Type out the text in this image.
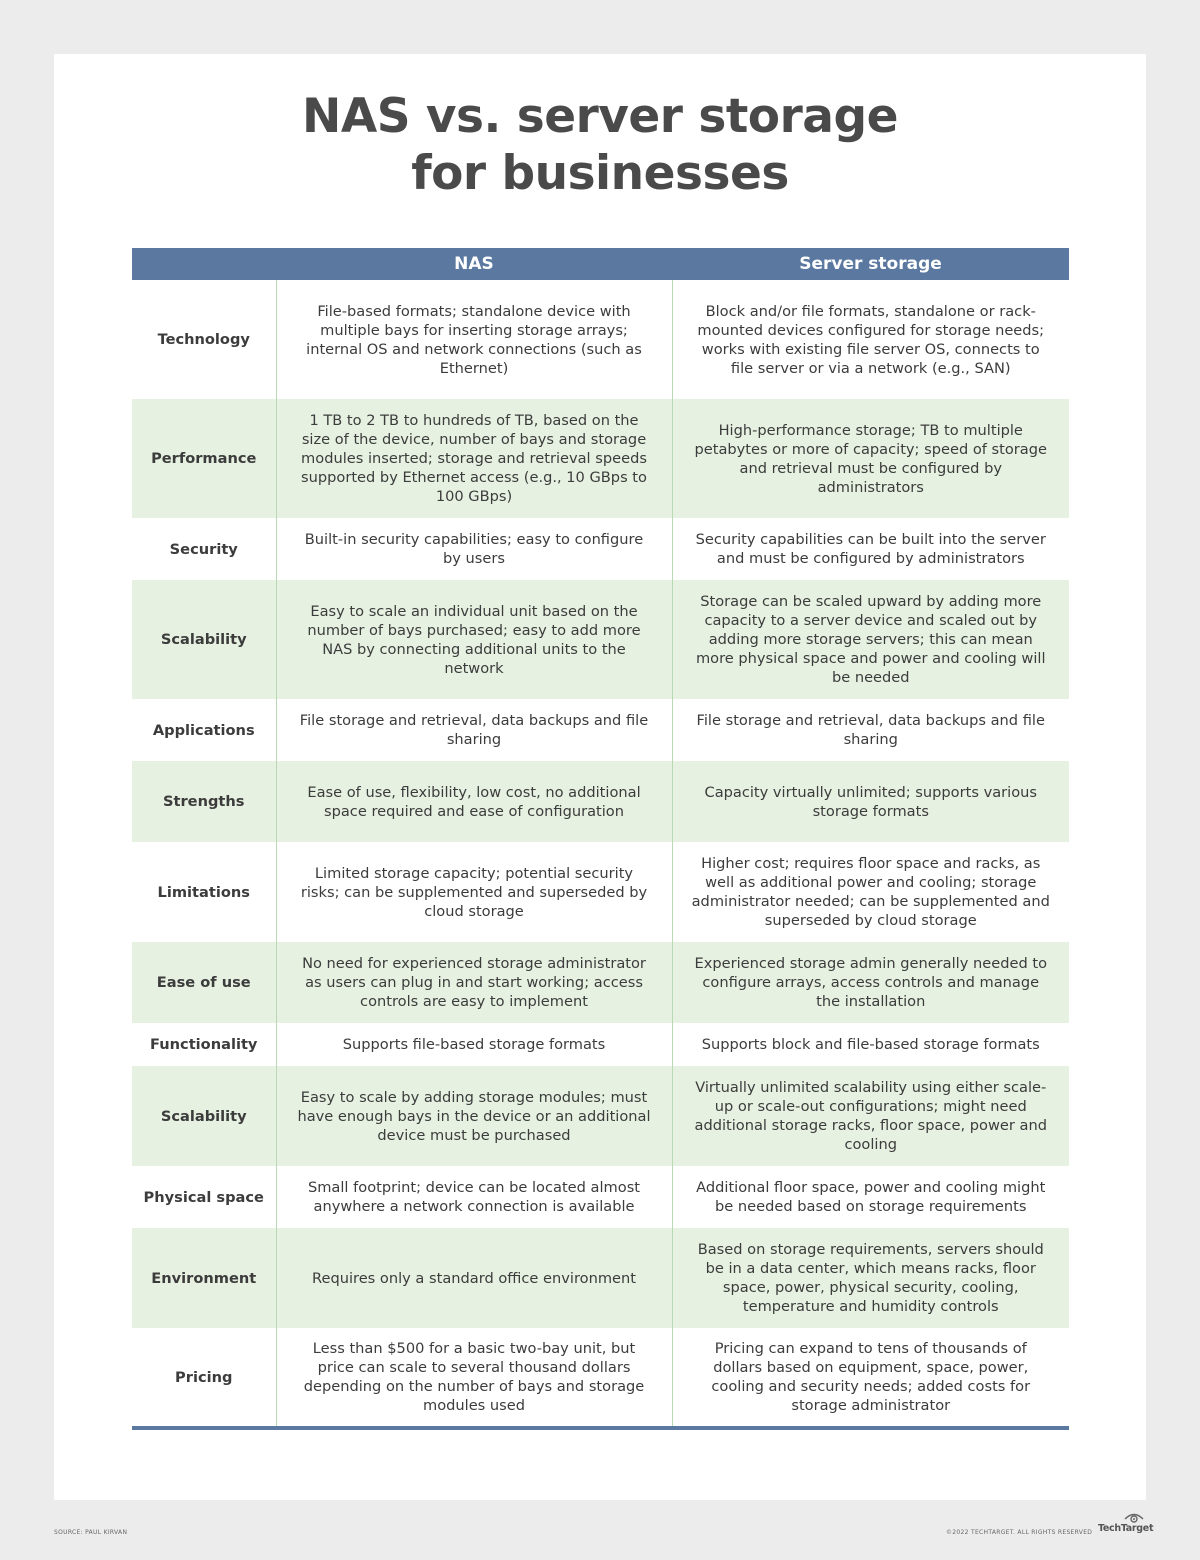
NAS vs. server storage
for businesses
	NAS	Server storage
Technology	File-based formats; standalone device with multiple bays for inserting storage arrays; internal OS and network connections (such as Ethernet)	Block and/or file formats, standalone or rack-mounted devices configured for storage needs; works with existing file server OS, connects to file server or via a network (e.g., SAN)
Performance	1 TB to 2 TB to hundreds of TB, based on the size of the device, number of bays and storage modules inserted; storage and retrieval speeds supported by Ethernet access (e.g., 10 GBps to 100 GBps)	High-performance storage; TB to multiple petabytes or more of capacity; speed of storage and retrieval must be configured by administrators
Security	Built-in security capabilities; easy to configure by users	Security capabilities can be built into the server and must be configured by administrators
Scalability	Easy to scale an individual unit based on the number of bays purchased; easy to add more NAS by connecting additional units to the network	Storage can be scaled upward by adding more capacity to a server device and scaled out by adding more storage servers; this can mean more physical space and power and cooling will be needed
Applications	File storage and retrieval, data backups and file sharing	File storage and retrieval, data backups and file sharing
Strengths	Ease of use, flexibility, low cost, no additional space required and ease of configuration	Capacity virtually unlimited; supports various storage formats
Limitations	Limited storage capacity; potential security risks; can be supplemented and superseded by cloud storage	Higher cost; requires floor space and racks, as well as additional power and cooling; storage administrator needed; can be supplemented and superseded by cloud storage
Ease of use	No need for experienced storage administrator as users can plug in and start working; access controls are easy to implement	Experienced storage admin generally needed to configure arrays, access controls and manage the installation
Functionality	Supports file-based storage formats	Supports block and file-based storage formats
Scalability	Easy to scale by adding storage modules; must have enough bays in the device or an additional device must be purchased	Virtually unlimited scalability using either scale-up or scale-out configurations; might need additional storage racks, floor space, power and cooling
Physical space	Small footprint; device can be located almost anywhere a network connection is available	Additional floor space, power and cooling might be needed based on storage requirements
Environment	Requires only a standard office environment	Based on storage requirements, servers should be in a data center, which means racks, floor space, power, physical security, cooling, temperature and humidity controls
Pricing	Less than $500 for a basic two-bay unit, but price can scale to several thousand dollars depending on the number of bays and storage modules used	Pricing can expand to tens of thousands of dollars based on equipment, space, power, cooling and security needs; added costs for storage administrator
SOURCE: PAUL KIRVAN	©2022 TECHTARGET. ALL RIGHTS RESERVED TechTarget
